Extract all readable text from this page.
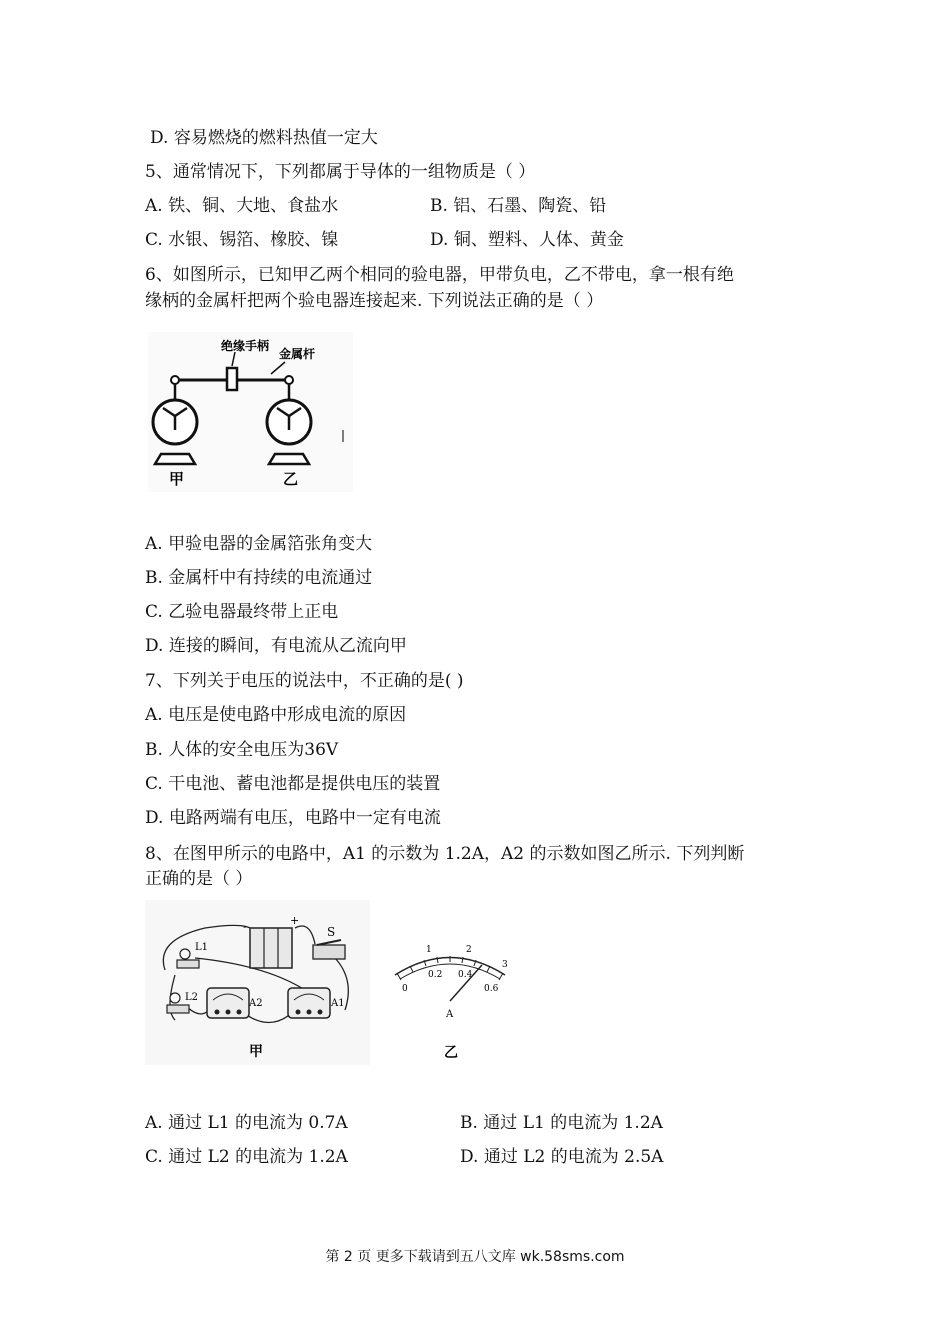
D. 容易燃烧的燃料热值一定大
5、通常情况下，下列都属于导体的一组物质是（ ）
A. 铁、铜、大地、食盐水	B. 铝、石墨、陶瓷、铅
C. 水银、锡箔、橡胶、镍	D. 铜、塑料、人体、黄金
6、如图所示，已知甲乙两个相同的验电器，甲带负电，乙不带电，拿一根有绝
缘柄的金属杆把两个验电器连接起来. 下列说法正确的是（ ）
绝缘手柄
金属杆
甲	乙
A. 甲验电器的金属箔张角变大
B. 金属杆中有持续的电流通过
C. 乙验电器最终带上正电
D. 连接的瞬间，有电流从乙流向甲
7、下列关于电压的说法中，不正确的是( )
A. 电压是使电路中形成电流的原因
B. 人体的安全电压为36V
C. 干电池、蓄电池都是提供电压的装置
D. 电路两端有电压，电路中一定有电流
8、在图甲所示的电路中，A1 的示数为 1.2A，A2 的示数如图乙所示. 下列判断
正确的是（ ）
-	+
S
L1
L2
A2	A1
甲
1	2
3
0
0.2 0.4
0.6
A
乙
A. 通过 L1 的电流为 0.7A	B. 通过 L1 的电流为 1.2A
C. 通过 L2 的电流为 1.2A	D. 通过 L2 的电流为 2.5A
第 2 页 更多下载请到五八文库 wk.58sms.com
